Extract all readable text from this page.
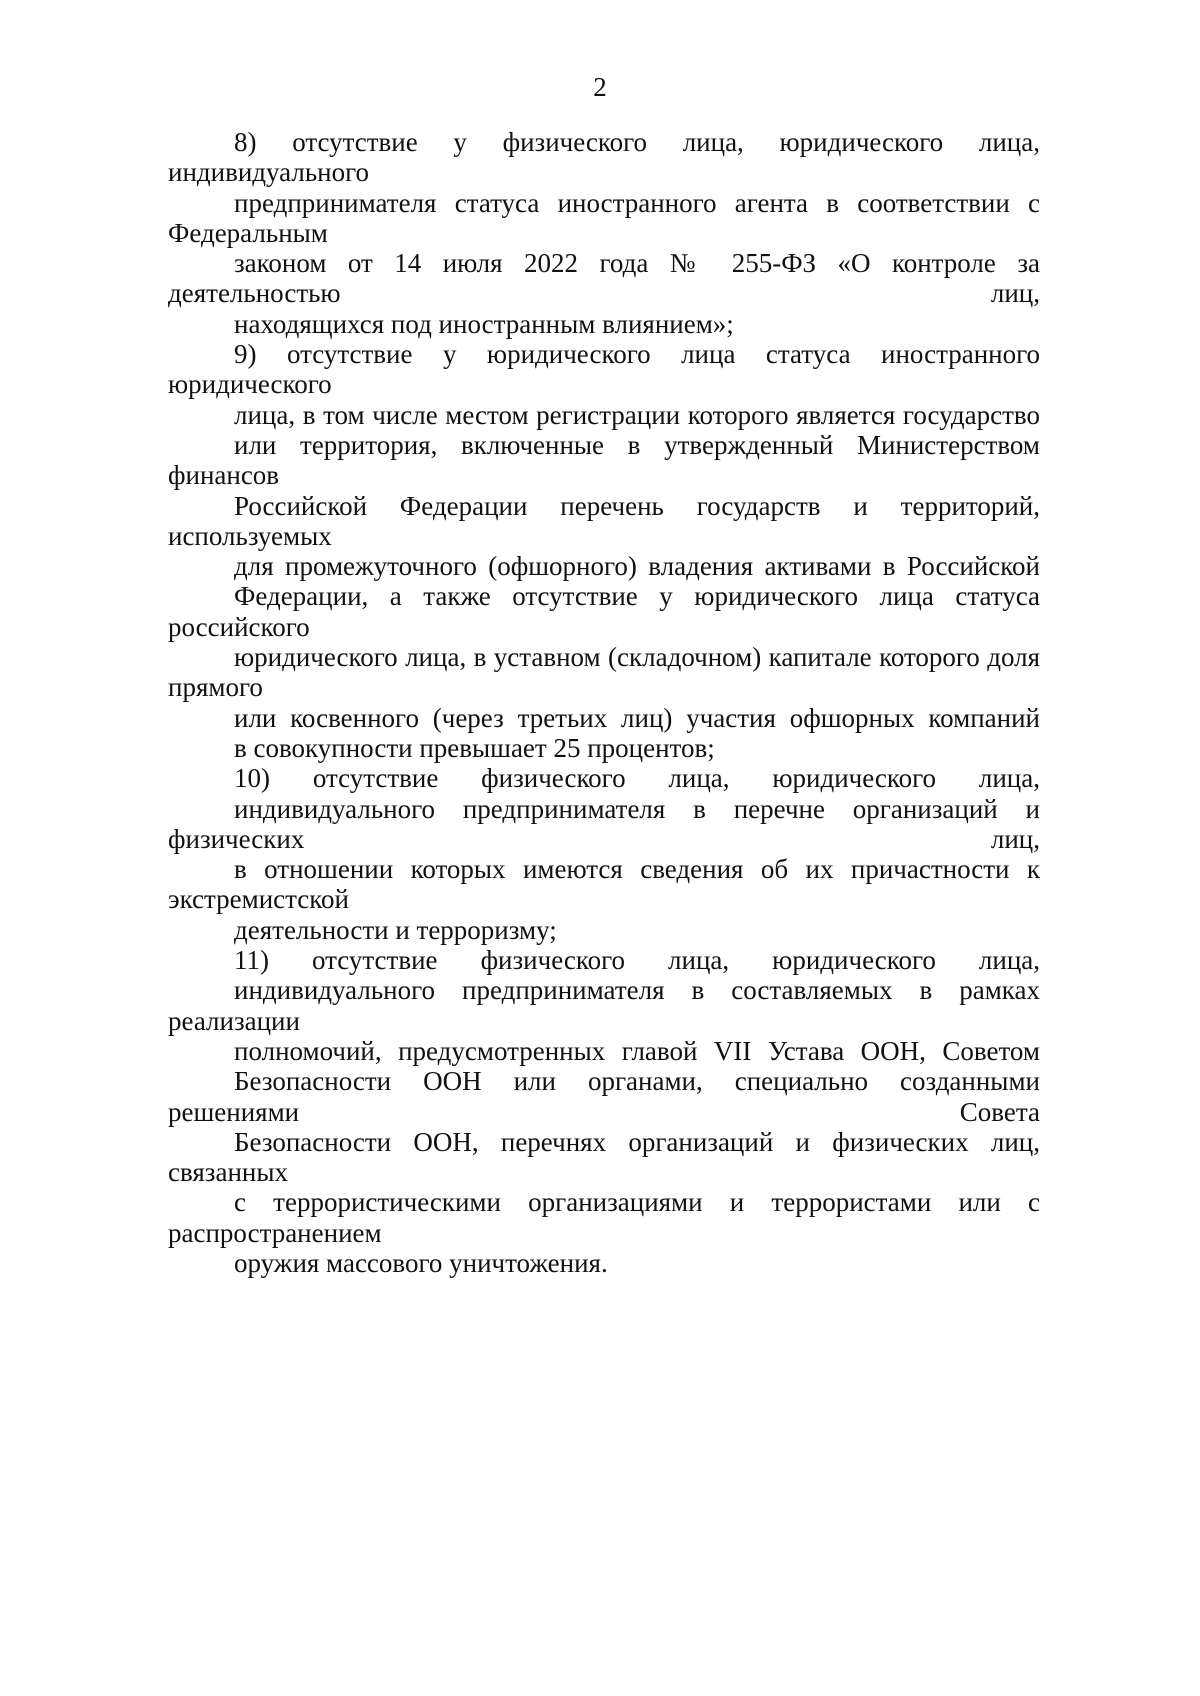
2
8) отсутствие у физического лица, юридического лица, индивидуального
предпринимателя статуса иностранного агента в соответствии с Федеральным
законом от 14 июля 2022 года № 255-ФЗ «О контроле за деятельностью лиц,
находящихся под иностранным влиянием»;
9) отсутствие у юридического лица статуса иностранного юридического
лица, в том числе местом регистрации которого является государство
или территория, включенные в утвержденный Министерством финансов
Российской Федерации перечень государств и территорий, используемых
для промежуточного (офшорного) владения активами в Российской
Федерации, а также отсутствие у юридического лица статуса российского
юридического лица, в уставном (складочном) капитале которого доля прямого
или косвенного (через третьих лиц) участия офшорных компаний
в совокупности превышает 25 процентов;
10) отсутствие физического лица, юридического лица,
индивидуального предпринимателя в перечне организаций и физических лиц,
в отношении которых имеются сведения об их причастности к экстремистской
деятельности и терроризму;
11) отсутствие физического лица, юридического лица,
индивидуального предпринимателя в составляемых в рамках реализации
полномочий, предусмотренных главой VII Устава ООН, Советом
Безопасности ООН или органами, специально созданными решениями Совета
Безопасности ООН, перечнях организаций и физических лиц, связанных
с террористическими организациями и террористами или с распространением
оружия массового уничтожения.
